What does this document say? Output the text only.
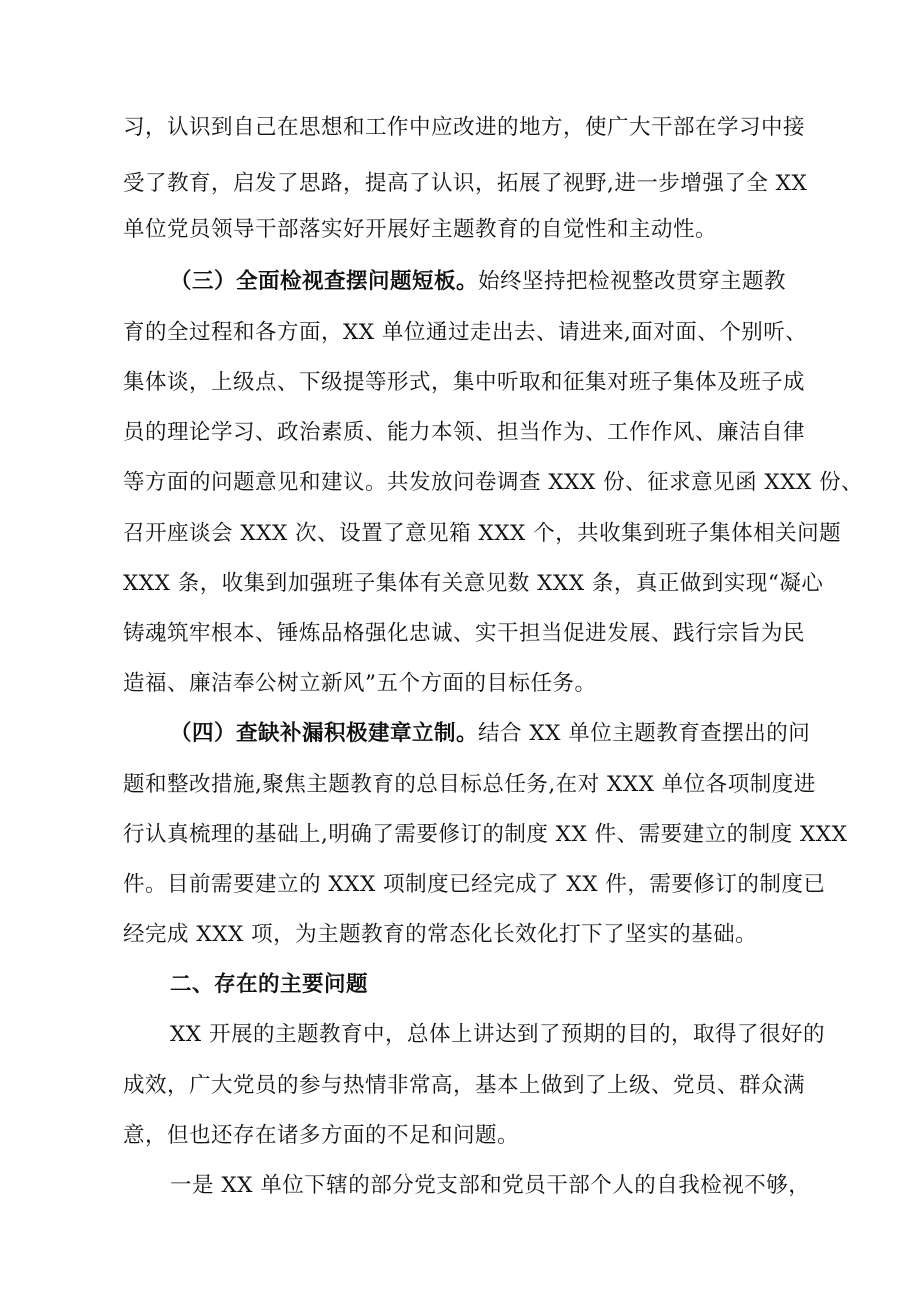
习，认识到自己在思想和工作中应改进的地方，使广大干部在学习中接
受了教育，启发了思路，提高了认识，拓展了视野,进一步增强了全 XX
单位党员领导干部落实好开展好主题教育的自觉性和主动性。
（三）全面检视查摆问题短板。始终坚持把检视整改贯穿主题教
育的全过程和各方面，XX 单位通过走出去、请进来,面对面、个别听、
集体谈，上级点、下级提等形式，集中听取和征集对班子集体及班子成
员的理论学习、政治素质、能力本领、担当作为、工作作风、廉洁自律
等方面的问题意见和建议。共发放问卷调查 XXX 份、征求意见函 XXX 份、
召开座谈会 XXX 次、设置了意见箱 XXX 个，共收集到班子集体相关问题
XXX 条，收集到加强班子集体有关意见数 XXX 条，真正做到实现“凝心
铸魂筑牢根本、锤炼品格强化忠诚、实干担当促进发展、践行宗旨为民
造福、廉洁奉公树立新风”五个方面的目标任务。
（四）查缺补漏积极建章立制。结合 XX 单位主题教育查摆出的问
题和整改措施,聚焦主题教育的总目标总任务,在对 XXX 单位各项制度进
行认真梳理的基础上,明确了需要修订的制度 XX 件、需要建立的制度 XXX
件。目前需要建立的 XXX 项制度已经完成了 XX 件，需要修订的制度已
经完成 XXX 项，为主题教育的常态化长效化打下了坚实的基础。
二、存在的主要问题
XX 开展的主题教育中，总体上讲达到了预期的目的，取得了很好的
成效，广大党员的参与热情非常高，基本上做到了上级、党员、群众满
意，但也还存在诸多方面的不足和问题。
一是 XX 单位下辖的部分党支部和党员干部个人的自我检视不够，
